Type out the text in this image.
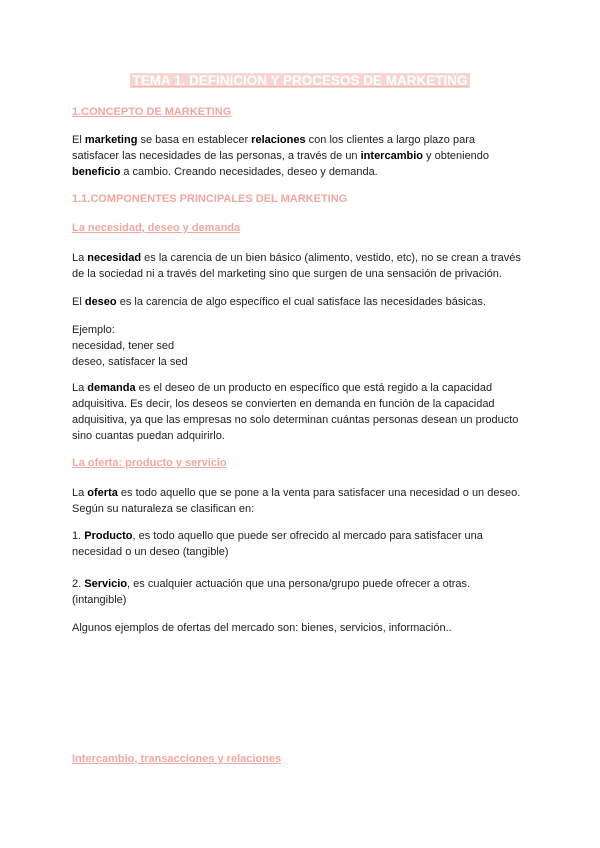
TEMA 1. DEFINICIÓN Y PROCESOS DE MARKETING
1.CONCEPTO DE MARKETING
El marketing se basa en establecer relaciones con los clientes a largo plazo para
satisfacer las necesidades de las personas, a través de un intercambio y obteniendo
beneficio a cambio. Creando necesidades, deseo y demanda.
1.1.COMPONENTES PRINCIPALES DEL MARKETING
La necesidad, deseo y demanda
La necesidad es la carencia de un bien básico (alimento, vestido, etc), no se crean a través
de la sociedad ni a través del marketing sino que surgen de una sensación de privación.
El deseo es la carencia de algo específico el cual satisface las necesidades básicas.
Ejemplo:
necesidad, tener sed
deseo, satisfacer la sed
La demanda es el deseo de un producto en específico que está regido a la capacidad
adquisitiva. Es decir, los deseos se convierten en demanda en función de la capacidad
adquisitiva, ya que las empresas no solo determinan cuántas personas desean un producto
sino cuantas puedan adquirirlo.
La oferta: producto y servicio
La oferta es todo aquello que se pone a la venta para satisfacer una necesidad o un deseo.
Según su naturaleza se clasifican en:
1. Producto, es todo aquello que puede ser ofrecido al mercado para satisfacer una
necesidad o un deseo (tangible)
2. Servicio, es cualquier actuación que una persona/grupo puede ofrecer a otras.
(intangible)
Algunos ejemplos de ofertas del mercado son: bienes, servicios, información..
Intercambio, transacciones y relaciones
